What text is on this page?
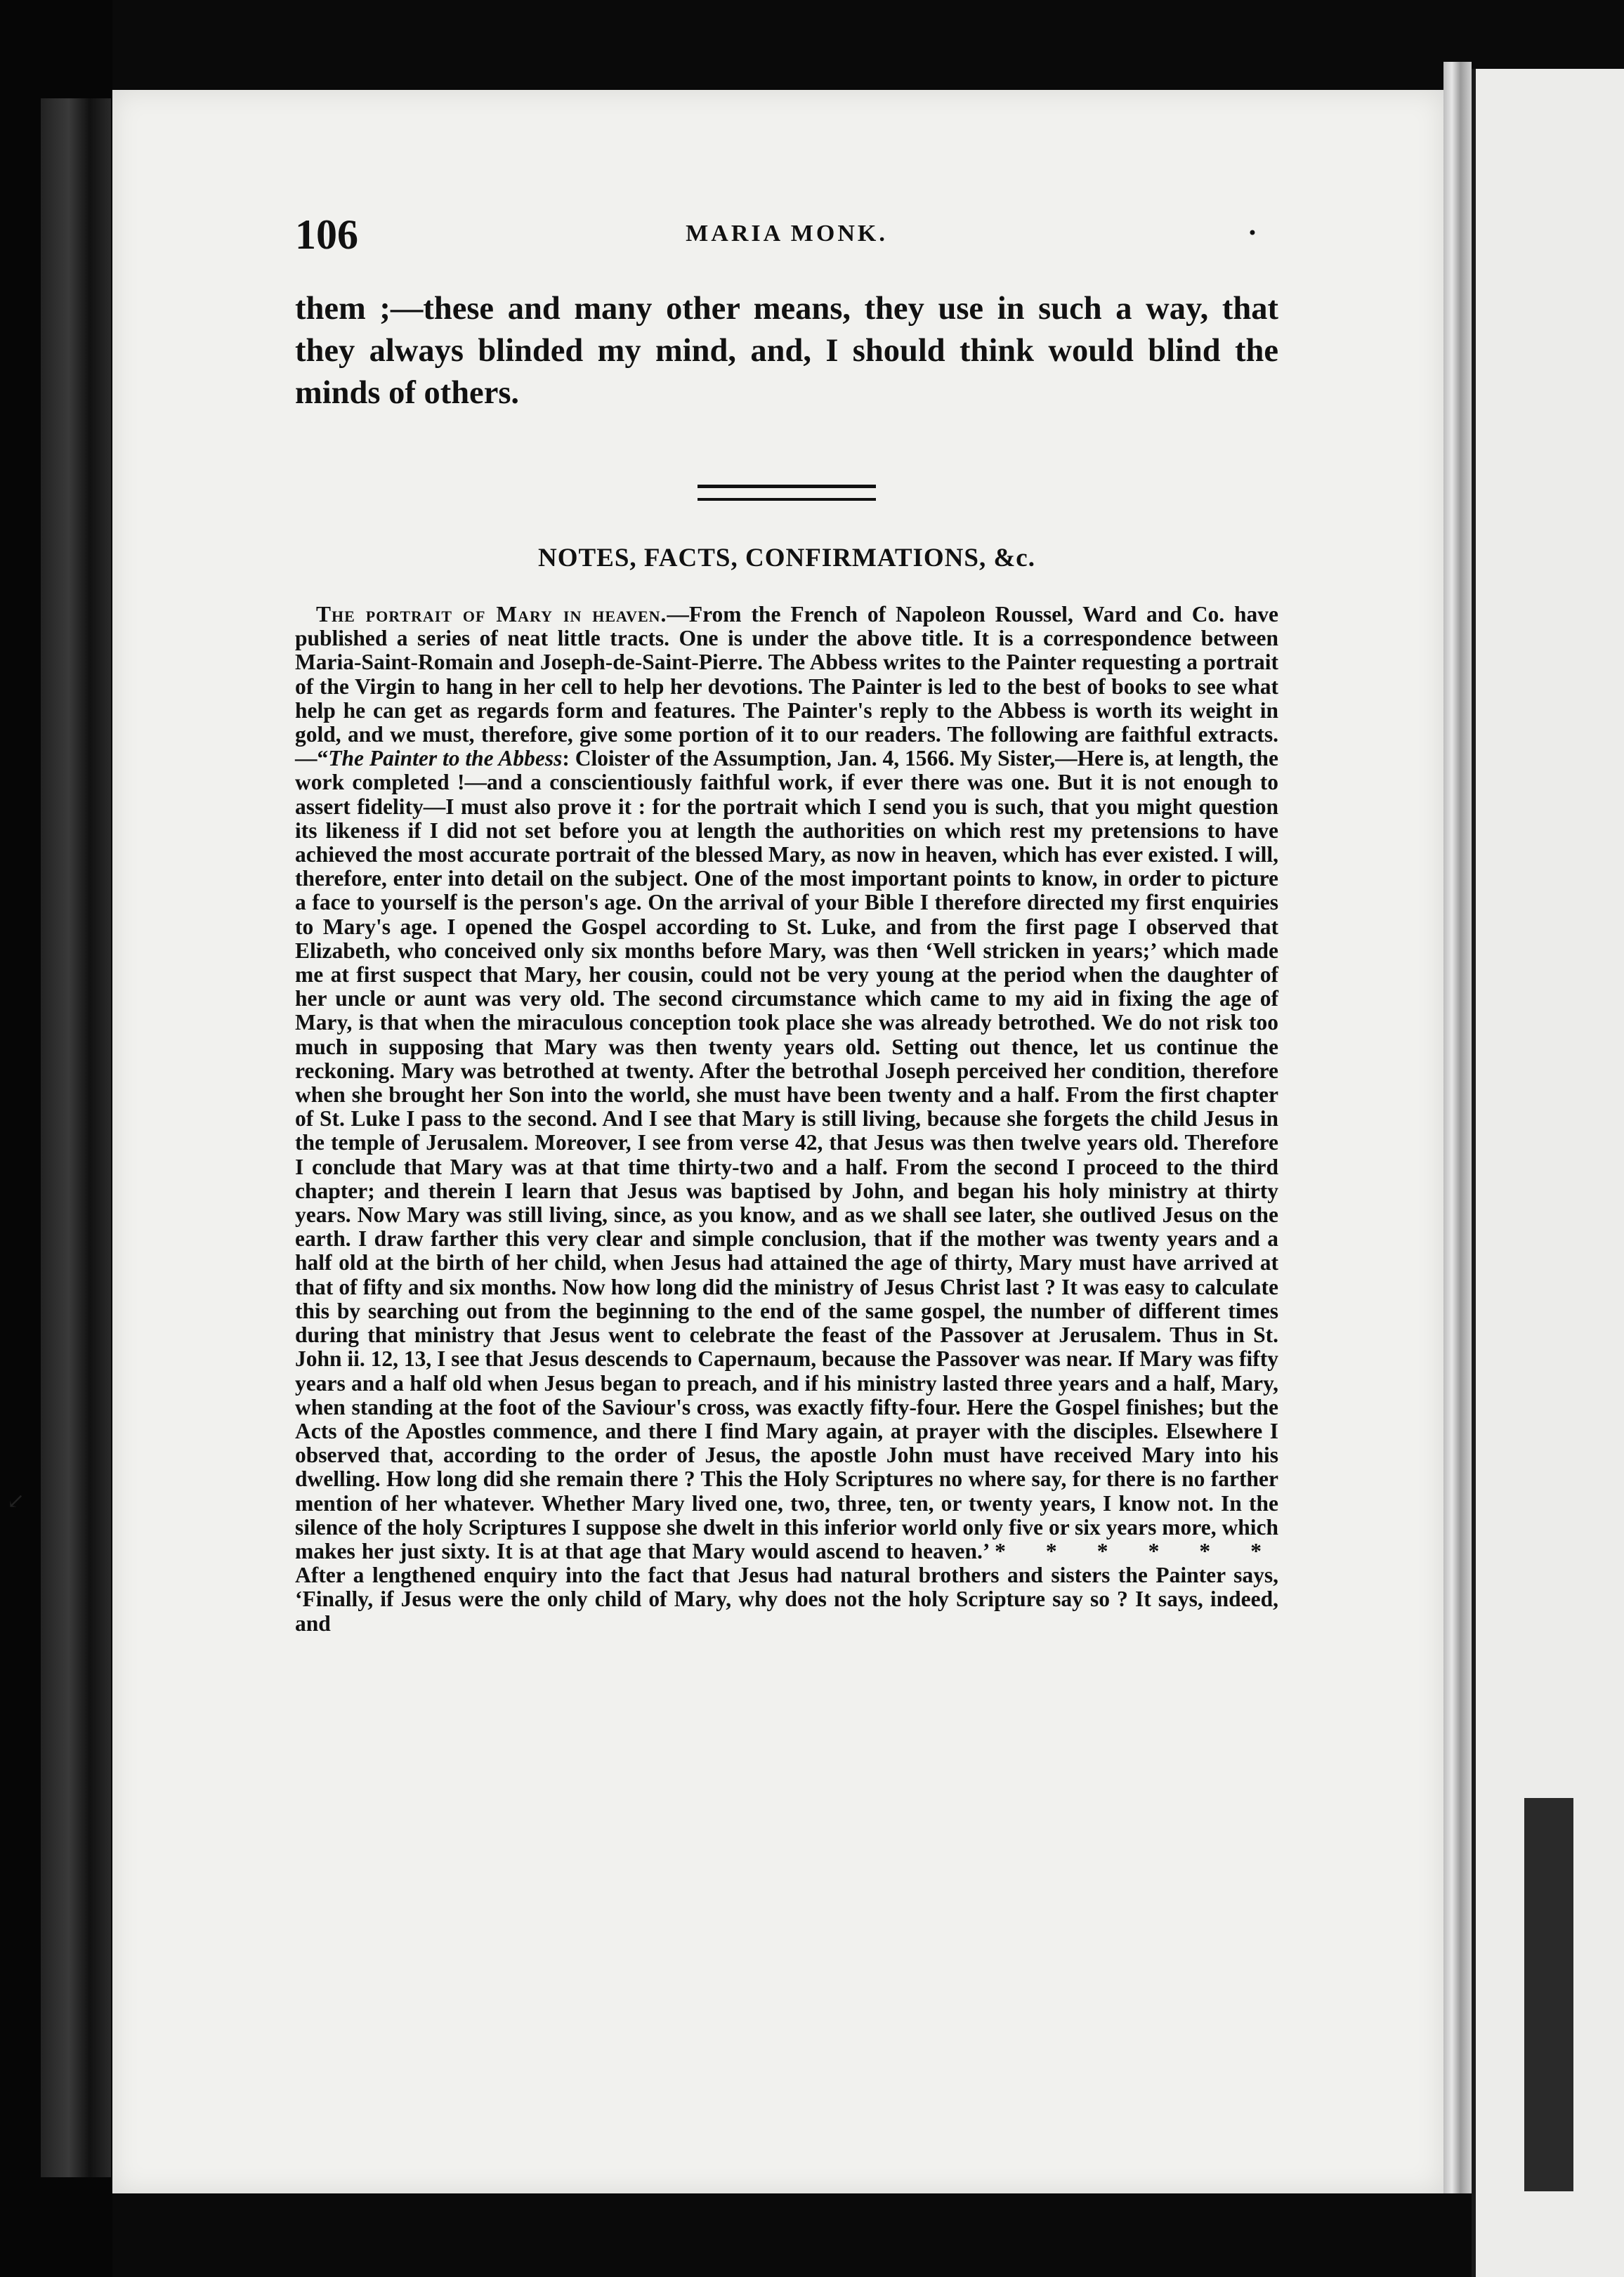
↙
106	MARIA MONK.	•

them ;—these and many other means, they use in such a way, that they always blinded my mind, and, I should think would blind the minds of others.

NOTES, FACTS, CONFIRMATIONS, &c.

The portrait of Mary in heaven.—From the French of Napoleon Roussel, Ward and Co. have published a series of neat little tracts. One is under the above title. It is a correspondence between Maria-Saint-Romain and Joseph-de-Saint-Pierre. The Abbess writes to the Painter requesting a portrait of the Virgin to hang in her cell to help her devotions. The Painter is led to the best of books to see what help he can get as regards form and features. The Painter's reply to the Abbess is worth its weight in gold, and we must, therefore, give some portion of it to our readers. The following are faithful extracts.—“The Painter to the Abbess: Cloister of the Assumption, Jan. 4, 1566. My Sister,—Here is, at length, the work completed !—and a conscientiously faithful work, if ever there was one. But it is not enough to assert fidelity—I must also prove it : for the portrait which I send you is such, that you might question its likeness if I did not set before you at length the authorities on which rest my pretensions to have achieved the most accurate portrait of the blessed Mary, as now in heaven, which has ever existed. I will, therefore, enter into detail on the subject. One of the most important points to know, in order to picture a face to yourself is the person's age. On the arrival of your Bible I therefore directed my first enquiries to Mary's age. I opened the Gospel according to St. Luke, and from the first page I observed that Elizabeth, who conceived only six months before Mary, was then ‘Well stricken in years;’ which made me at first suspect that Mary, her cousin, could not be very young at the period when the daughter of her uncle or aunt was very old. The second circumstance which came to my aid in fixing the age of Mary, is that when the miraculous conception took place she was already betrothed. We do not risk too much in supposing that Mary was then twenty years old. Setting out thence, let us continue the reckoning. Mary was betrothed at twenty. After the betrothal Joseph perceived her condition, therefore when she brought her Son into the world, she must have been twenty and a half. From the first chapter of St. Luke I pass to the second. And I see that Mary is still living, because she forgets the child Jesus in the temple of Jerusalem. Moreover, I see from verse 42, that Jesus was then twelve years old. Therefore I conclude that Mary was at that time thirty-two and a half. From the second I proceed to the third chapter; and therein I learn that Jesus was baptised by John, and began his holy ministry at thirty years. Now Mary was still living, since, as you know, and as we shall see later, she outlived Jesus on the earth. I draw farther this very clear and simple conclusion, that if the mother was twenty years and a half old at the birth of her child, when Jesus had attained the age of thirty, Mary must have arrived at that of fifty and six months. Now how long did the ministry of Jesus Christ last ? It was easy to calculate this by searching out from the beginning to the end of the same gospel, the number of different times during that ministry that Jesus went to celebrate the feast of the Passover at Jerusalem. Thus in St. John ii. 12, 13, I see that Jesus descends to Capernaum, because the Passover was near. If Mary was fifty years and a half old when Jesus began to preach, and if his ministry lasted three years and a half, Mary, when standing at the foot of the Saviour's cross, was exactly fifty-four. Here the Gospel finishes; but the Acts of the Apostles commence, and there I find Mary again, at prayer with the disciples. Elsewhere I observed that, according to the order of Jesus, the apostle John must have received Mary into his dwelling. How long did she remain there ? This the Holy Scriptures no where say, for there is no farther mention of her whatever. Whether Mary lived one, two, three, ten, or twenty years, I know not. In the silence of the holy Scriptures I suppose she dwelt in this inferior world only five or six years more, which makes her just sixty. It is at that age that Mary would ascend to heaven.’ * * * * * * After a lengthened enquiry into the fact that Jesus had natural brothers and sisters the Painter says, ‘Finally, if Jesus were the only child of Mary, why does not the holy Scripture say so ? It says, indeed, and
